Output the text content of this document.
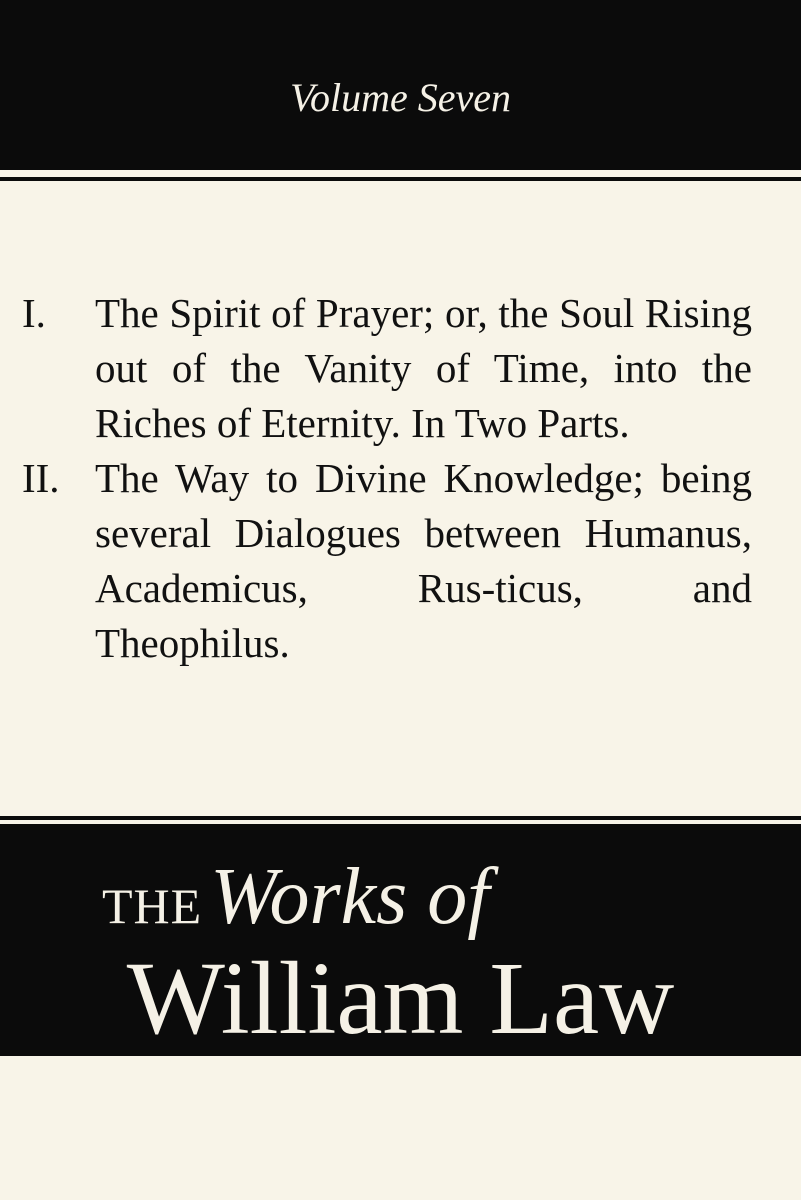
Volume Seven
I.	The Spirit of Prayer; or, the Soul Rising out of the Vanity of Time, into the Riches of Eternity. In Two Parts.
II. The Way to Divine Knowledge; being several Dialogues between Humanus, Academicus, Rus-ticus, and Theophilus.
THE Works of
William Law
